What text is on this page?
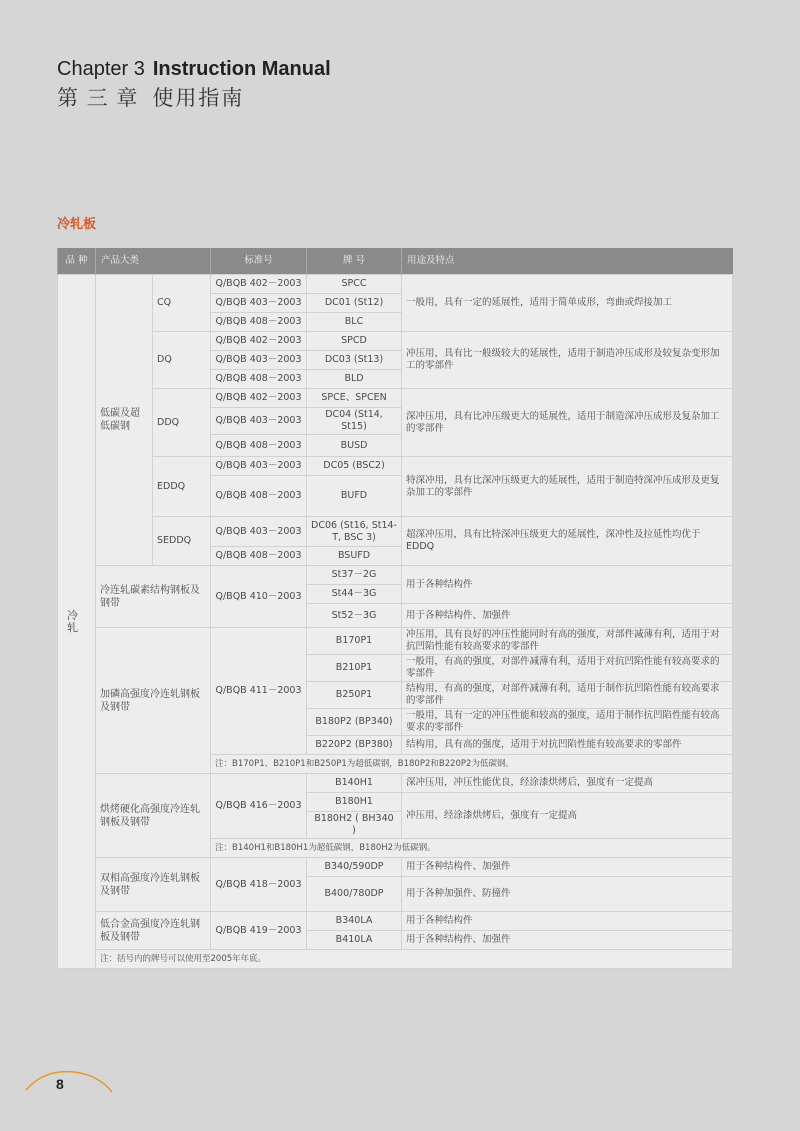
Chapter 3 Instruction Manual
第 三 章 使用指南
冷轧板
品 种	产品大类		标准号	牌 号	用途及特点
冷轧	低碳及超低碳钢	CQ	Q/BQB 402－2003	SPCC	一般用，具有一定的延展性，适用于简单成形，弯曲或焊接加工
			Q/BQB 403－2003	DC01 (St12)	
			Q/BQB 408－2003	BLC	
		DQ	Q/BQB 402－2003	SPCD	冲压用，具有比一般级较大的延展性，适用于制造冲压成形及较复杂变形加工的零部件
			Q/BQB 403－2003	DC03 (St13)	
			Q/BQB 408－2003	BLD	
		DDQ	Q/BQB 402－2003	SPCE、SPCEN	深冲压用，具有比冲压级更大的延展性，适用于制造深冲压成形及复杂加工的零部件
			Q/BQB 403－2003	DC04 (St14, St15)	
			Q/BQB 408－2003	BUSD	
		EDDQ	Q/BQB 403－2003	DC05 (BSC2)	特深冲用，具有比深冲压级更大的延展性，适用于制造特深冲压成形及更复杂加工的零部件
			Q/BQB 408－2003	BUFD	
		SEDDQ	Q/BQB 403－2003	DC06 (St16, St14-T, BSC 3)	超深冲压用，具有比特深冲压级更大的延展性，深冲性及拉延性均优于EDDQ
			Q/BQB 408－2003	BSUFD	
	冷连轧碳素结构钢板及钢带		Q/BQB 410－2003	St37－2G	用于各种结构件
				St44－3G	
				St52－3G	用于各种结构件、加强件
	加磷高强度冷连轧钢板及钢带		Q/BQB 411－2003	B170P1	冲压用，具有良好的冲压性能同时有高的强度，对部件减薄有利，适用于对抗凹陷性能有较高要求的零部件
				B210P1	一般用，有高的强度，对部件减薄有利，适用于对抗凹陷性能有较高要求的零部件
				B250P1	结构用，有高的强度，对部件减薄有利，适用于制作抗凹陷性能有较高要求的零部件
				B180P2 (BP340)	一般用，具有一定的冲压性能和较高的强度，适用于制作抗凹陷性能有较高要求的零部件
				B220P2 (BP380)	结构用，具有高的强度，适用于对抗凹陷性能有较高要求的零部件
			注：B170P1、B210P1和B250P1为超低碳钢，B180P2和B220P2为低碳钢。		
	烘烤硬化高强度冷连轧钢板及钢带		Q/BQB 416－2003	B140H1	深冲压用，冲压性能优良，经涂漆烘烤后，强度有一定提高
				B180H1	冲压用，经涂漆烘烤后，强度有一定提高
				B180H2 ( BH340 )	
			注：B140H1和B180H1为超低碳钢，B180H2为低碳钢。		
	双相高强度冷连轧钢板及钢带		Q/BQB 418－2003	B340/590DP	用于各种结构件、加强件
				B400/780DP	用于各种加强件、防撞件
	低合金高强度冷连轧钢板及钢带		Q/BQB 419－2003	B340LA	用于各种结构件
				B410LA	用于各种结构件、加强件
	注：括号内的牌号可以使用至2005年年底。				
8
